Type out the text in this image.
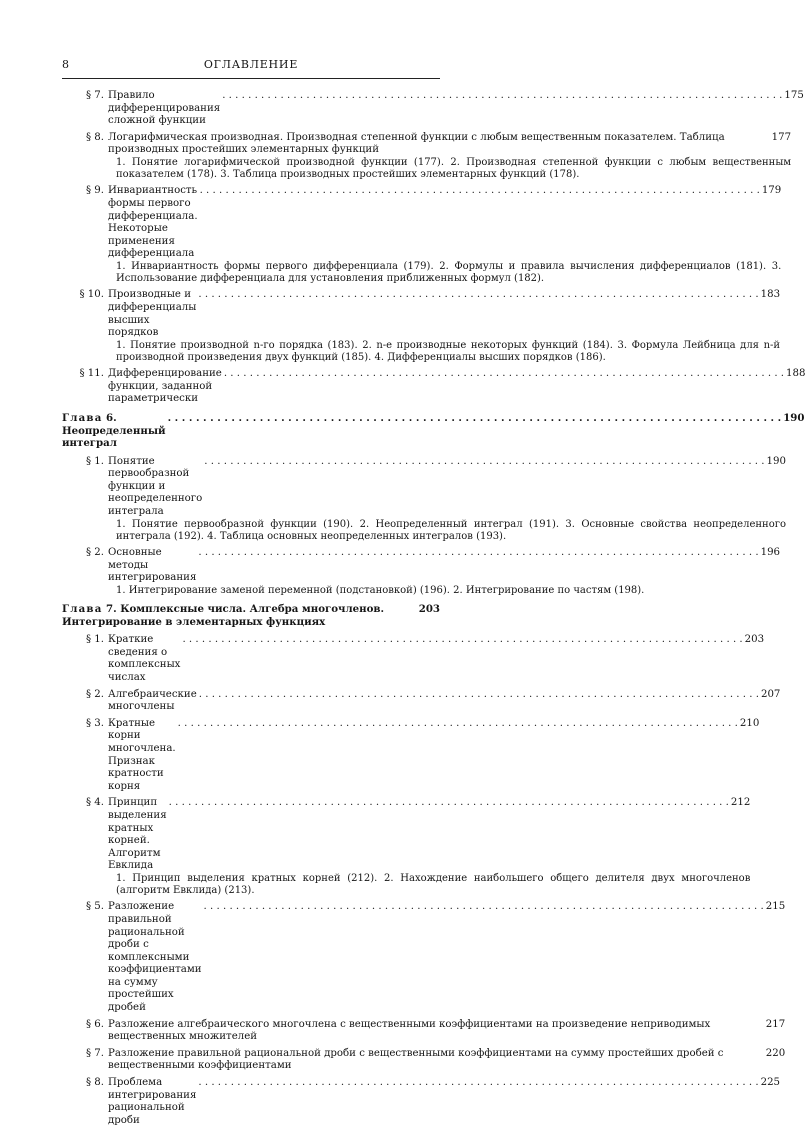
8	ОГЛАВЛЕНИЕ
§ 7. Правило дифференцирования сложной функции
. . .
175
§ 8. Логарифмическая производная. Производная степенной функции с любым вещественным показателем. Таблица производных простейших элементарных функций
177
1. Понятие логарифмической производной функции (177). 2. Производная степенной функции с любым вещественным показателем (178). 3. Таблица производных простейших элементарных функций (178).
§ 9. Инвариантность формы первого дифференциала. Некоторые применения дифференциала
. . .
179
1. Инвариантность формы первого дифференциала (179). 2. Формулы и правила вычисления дифференциалов (181). 3. Использование дифференциала для установления приближенных формул (182).
§ 10. Производные и дифференциалы высших порядков
. . .
183
1. Понятие производной n-го порядка (183). 2. n-е производные некоторых функций (184). 3. Формула Лейбница для n-й производной произведения двух функций (185). 4. Дифференциалы высших порядков (186).
§ 11. Дифференцирование функции, заданной параметрически
. . .
188
Глава 6. Неопределенный интеграл
. . .
190
§ 1. Понятие первообразной функции и неопределенного интеграла
. . .
190
1. Понятие первообразной функции (190). 2. Неопределенный интеграл (191). 3. Основные свойства неопределенного интеграла (192). 4. Таблица основных неопределенных интегралов (193).
§ 2. Основные методы интегрирования
. . .
196
1. Интегрирование заменой переменной (подстановкой) (196). 2. Интегрирование по частям (198).
Глава 7. Комплексные числа. Алгебра многочленов. Интегрирование в элементарных функциях
203
§ 1. Краткие сведения о комплексных числах
. . .
203
§ 2. Алгебраические многочлены
. . .
207
§ 3. Кратные корни многочлена. Признак кратности корня
. . .
210
§ 4. Принцип выделения кратных корней. Алгоритм Евклида
. . .
212
1. Принцип выделения кратных корней (212). 2. Нахождение наибольшего общего делителя двух многочленов (алгоритм Евклида) (213).
§ 5. Разложение правильной рациональной дроби с комплексными коэффициентами на сумму простейших дробей
. . .
215
§ 6. Разложение алгебраического многочлена с вещественными коэффициентами на произведение неприводимых вещественных множителей
217
§ 7. Разложение правильной рациональной дроби с вещественными коэффициентами на сумму простейших дробей с вещественными коэффициентами
220
§ 8. Проблема интегрирования рациональной дроби
. . .
225
